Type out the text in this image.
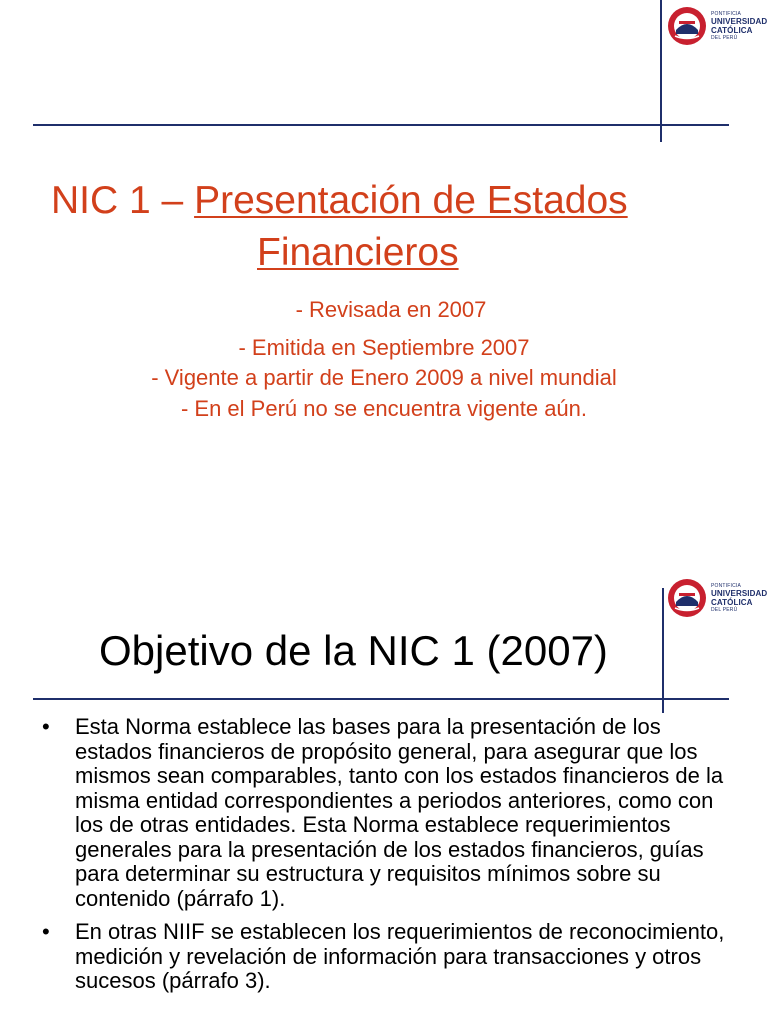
PONTIFICIA
UNIVERSIDAD
CATÓLICA
DEL PERÚ
NIC 1 – Presentación de Estados
Financieros
- Revisada en 2007
- Emitida en Septiembre 2007
- Vigente a partir de Enero 2009 a nivel mundial
- En el Perú no se encuentra vigente aún.
PONTIFICIA
UNIVERSIDAD
CATÓLICA
DEL PERÚ
Objetivo de la NIC 1 (2007)
• Esta Norma establece las bases para la presentación de los estados financieros de propósito general, para asegurar que los mismos sean comparables, tanto con los estados financieros de la misma entidad correspondientes a periodos anteriores, como con los de otras entidades. Esta Norma establece requerimientos generales para la presentación de los estados financieros, guías para determinar su estructura y requisitos mínimos sobre su contenido (párrafo 1).
• En otras NIIF se establecen los requerimientos de reconocimiento, medición y revelación de información para transacciones y otros sucesos (párrafo 3).
